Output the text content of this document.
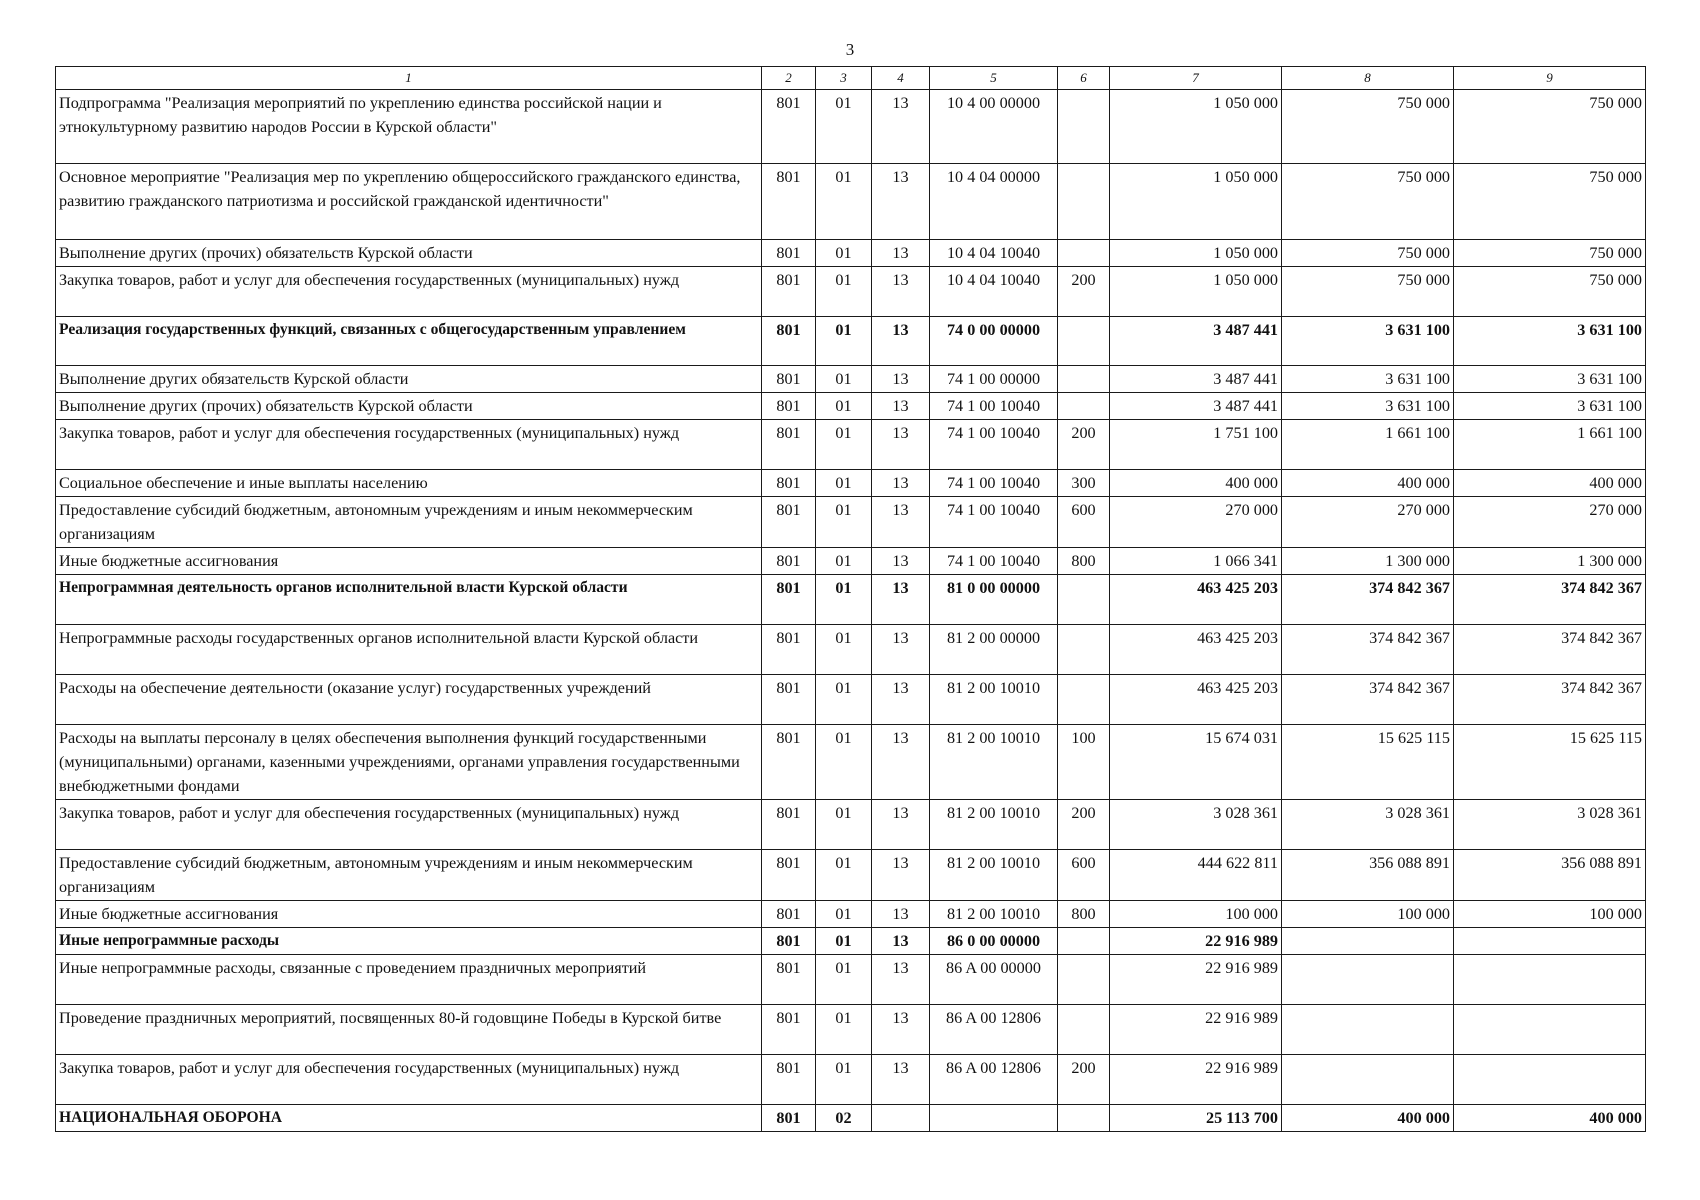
3
1	2	3	4	5	6	7	8	9
Подпрограмма "Реализация мероприятий по укреплению единства российской нации и этнокультурному развитию народов России в Курской области"	801	01	13	10 4 00 00000		1 050 000	750 000	750 000
Основное мероприятие "Реализация мер по укреплению общероссийского гражданского единства, развитию гражданского патриотизма и российской гражданской идентичности"	801	01	13	10 4 04 00000		1 050 000	750 000	750 000
Выполнение других (прочих) обязательств Курской области	801	01	13	10 4 04 10040		1 050 000	750 000	750 000
Закупка товаров, работ и услуг для обеспечения государственных (муниципальных) нужд	801	01	13	10 4 04 10040	200	1 050 000	750 000	750 000
Реализация государственных функций, связанных с общегосударственным управлением	801	01	13	74 0 00 00000		3 487 441	3 631 100	3 631 100
Выполнение других обязательств Курской области	801	01	13	74 1 00 00000		3 487 441	3 631 100	3 631 100
Выполнение других (прочих) обязательств Курской области	801	01	13	74 1 00 10040		3 487 441	3 631 100	3 631 100
Закупка товаров, работ и услуг для обеспечения государственных (муниципальных) нужд	801	01	13	74 1 00 10040	200	1 751 100	1 661 100	1 661 100
Социальное обеспечение и иные выплаты населению	801	01	13	74 1 00 10040	300	400 000	400 000	400 000
Предоставление субсидий бюджетным, автономным учреждениям и иным некоммерческим организациям	801	01	13	74 1 00 10040	600	270 000	270 000	270 000
Иные бюджетные ассигнования	801	01	13	74 1 00 10040	800	1 066 341	1 300 000	1 300 000
Непрограммная деятельность органов исполнительной власти Курской области	801	01	13	81 0 00 00000		463 425 203	374 842 367	374 842 367
Непрограммные расходы государственных органов исполнительной власти Курской области	801	01	13	81 2 00 00000		463 425 203	374 842 367	374 842 367
Расходы на обеспечение деятельности (оказание услуг) государственных учреждений	801	01	13	81 2 00 10010		463 425 203	374 842 367	374 842 367
Расходы на выплаты персоналу в целях обеспечения выполнения функций государственными (муниципальными) органами, казенными учреждениями, органами управления государственными внебюджетными фондами	801	01	13	81 2 00 10010	100	15 674 031	15 625 115	15 625 115
Закупка товаров, работ и услуг для обеспечения государственных (муниципальных) нужд	801	01	13	81 2 00 10010	200	3 028 361	3 028 361	3 028 361
Предоставление субсидий бюджетным, автономным учреждениям и иным некоммерческим организациям	801	01	13	81 2 00 10010	600	444 622 811	356 088 891	356 088 891
Иные бюджетные ассигнования	801	01	13	81 2 00 10010	800	100 000	100 000	100 000
Иные непрограммные расходы	801	01	13	86 0 00 00000		22 916 989		
Иные непрограммные расходы, связанные с проведением праздничных мероприятий	801	01	13	86 A 00 00000		22 916 989		
Проведение праздничных мероприятий, посвященных 80-й годовщине Победы в Курской битве	801	01	13	86 A 00 12806		22 916 989		
Закупка товаров, работ и услуг для обеспечения государственных (муниципальных) нужд	801	01	13	86 A 00 12806	200	22 916 989		
НАЦИОНАЛЬНАЯ ОБОРОНА	801	02				25 113 700	400 000	400 000
